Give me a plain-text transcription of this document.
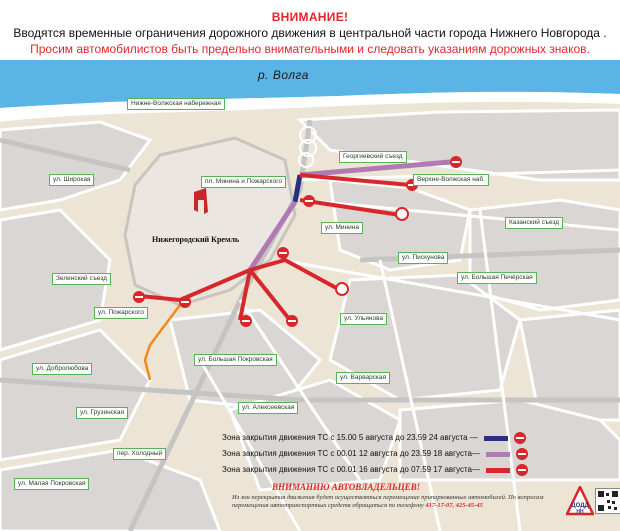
ВНИМАНИЕ!
Вводятся временные ограничения дорожного движения в центральной части города Нижнего Новгорода .
Просим автомобилистов быть предельно внимательными и следовать указаниям дорожных знаков.
р. Волга
Нижегородский Кремль
Нижне-Волжская набережная
Георгиевский съезд
Верхне-Волжская наб.
пл. Минина и Пожарского
ул. Широкая
ул. Минина
Казанский съезд
ул. Пискунова
ул. Большая Печёрская
Зеленский съезд
ул. Пожарского
ул. Ульянова
ул. Большая Покровская
ул. Варварская
ул. Добролюбова
ул. Алексеевская
ул. Грузинская
пер. Холодный
ул. Малая Покровская
Зона закрытия движения ТС с 15.00 5 августа до 23.59 24 августа —
Зона закрытия движения ТС с 00.01 12 августа до 23.59 18 августа—
Зона закрытия движения ТС с 00.01 16 августа до 07.59 17 августа—
ВНИМАНИЮ АВТОВЛАДЕЛЬЦЕВ!
Из зон перекрытия движения будет осуществляться перемещение припаркованных автомобилей. По вопросам перемещения автотранспортных средств обращаться по телефону 417-17-07, 425-45-45	ЦОДД
НН
